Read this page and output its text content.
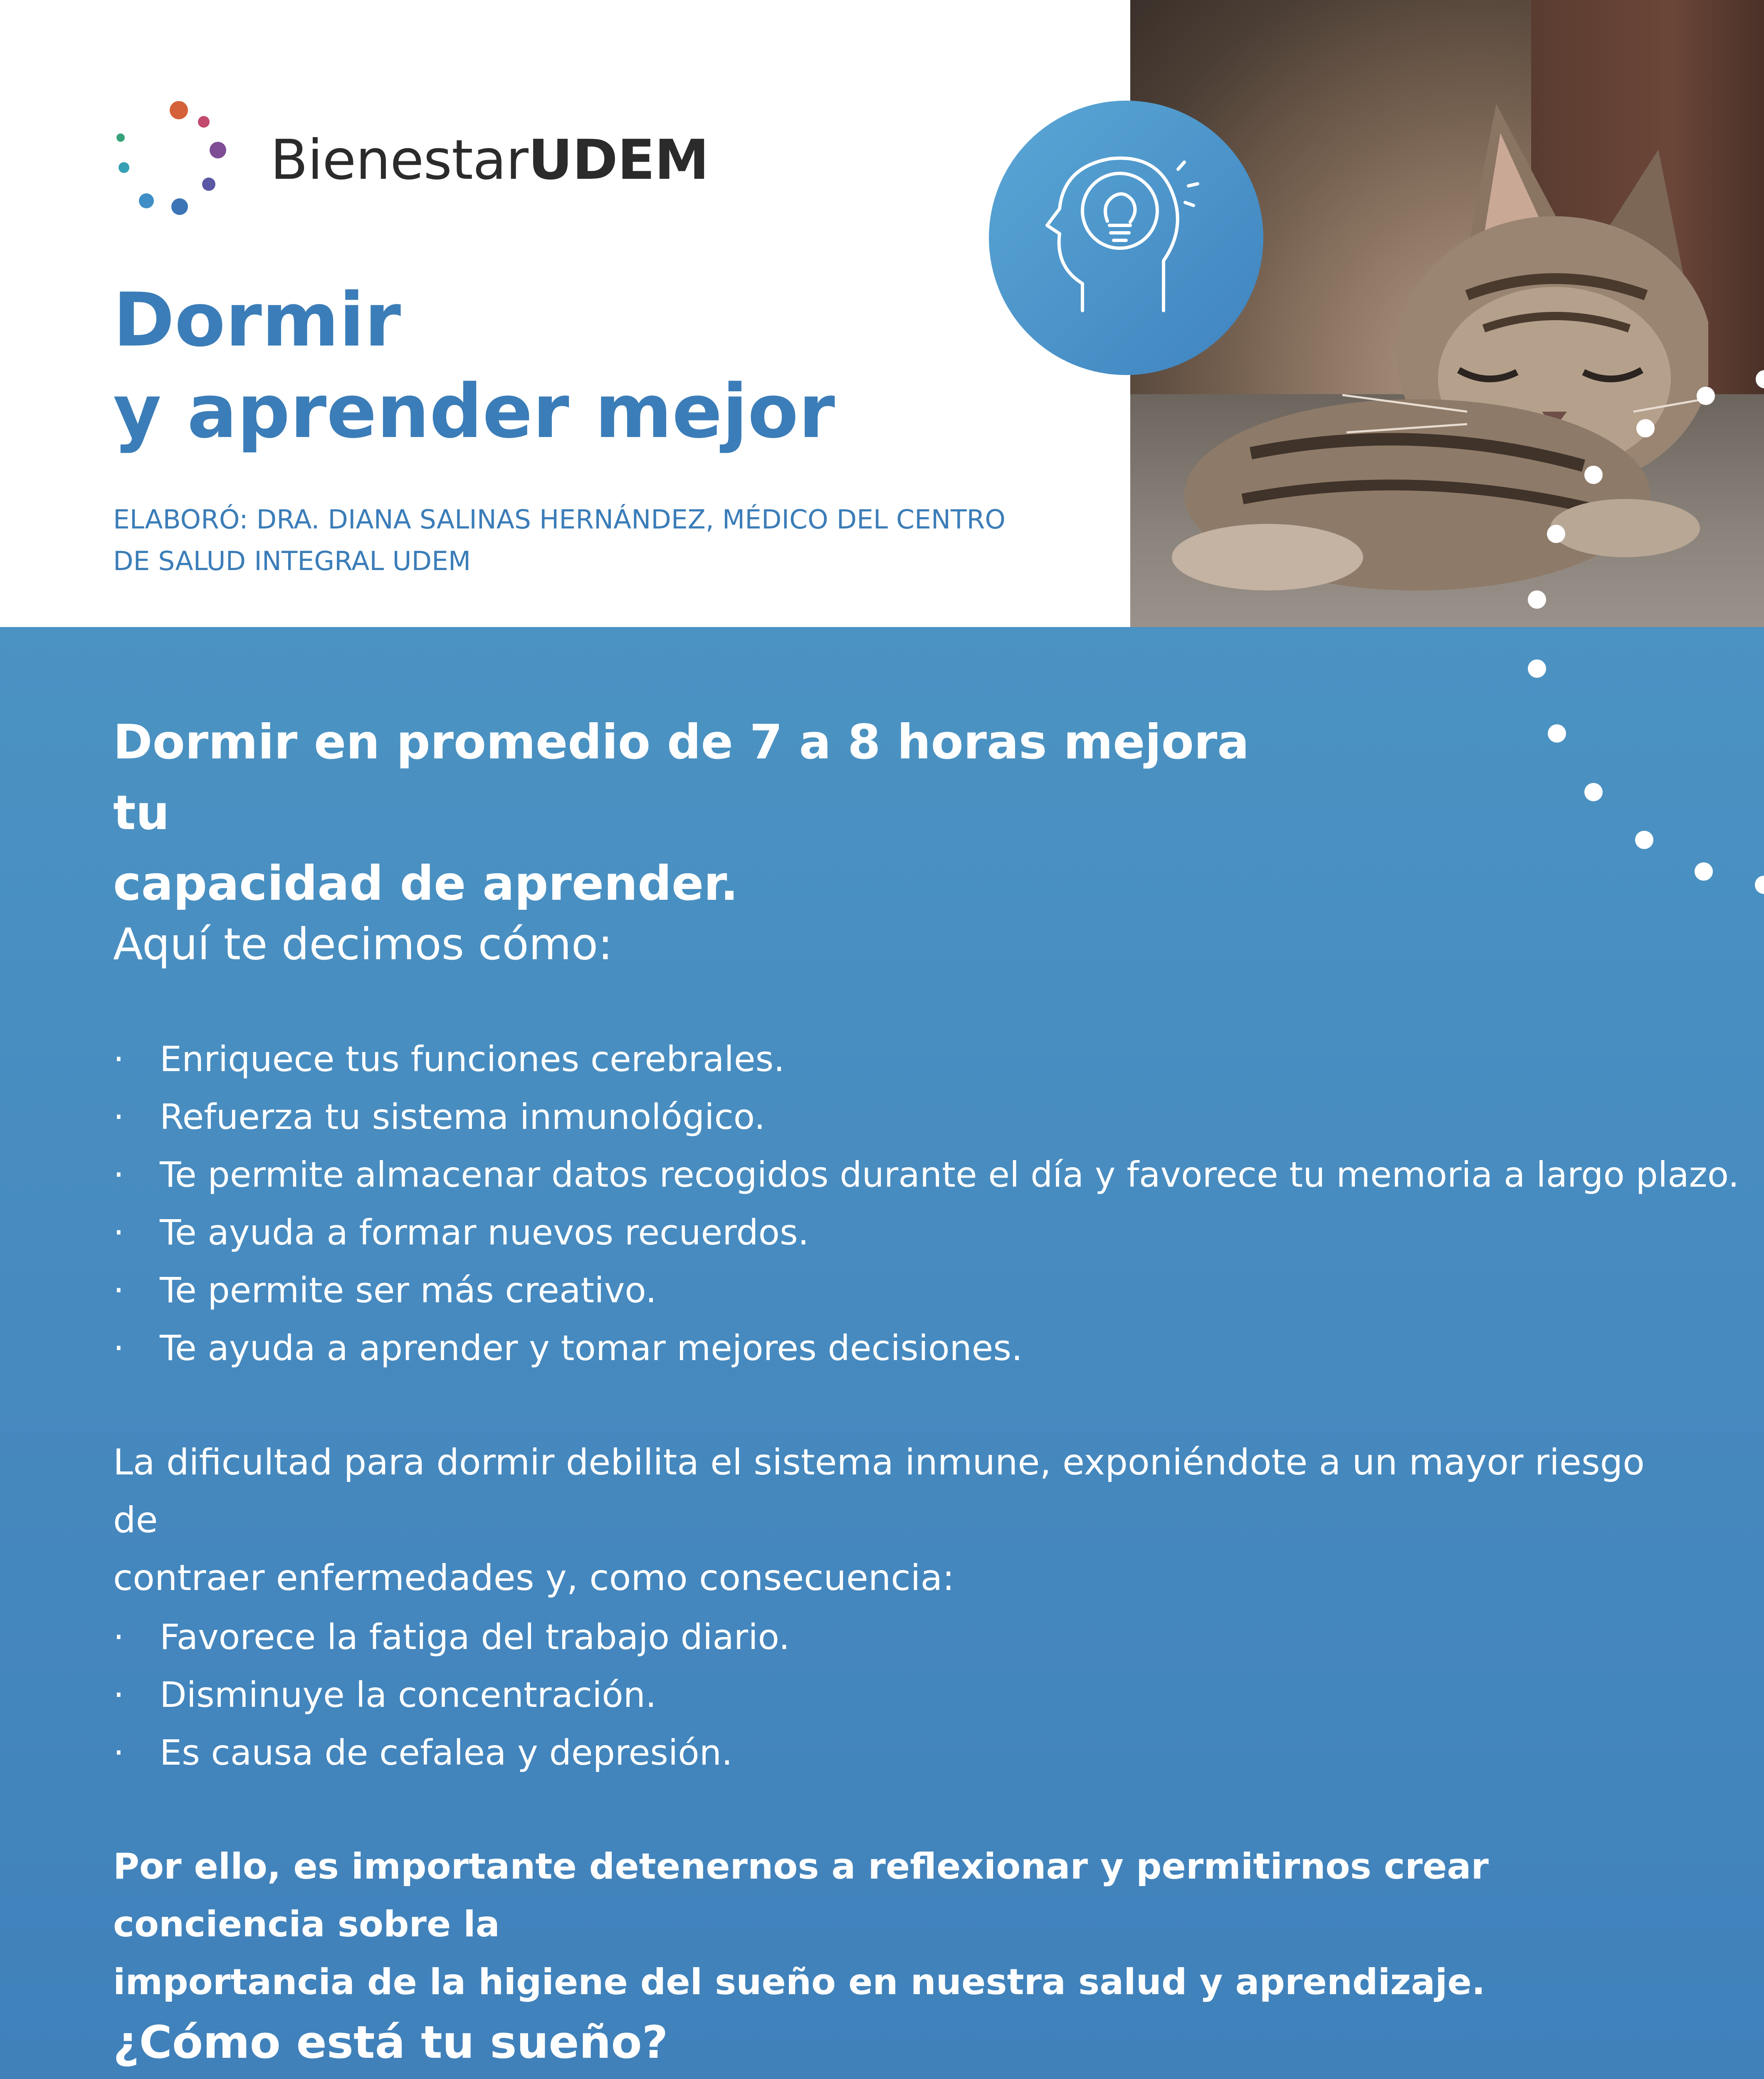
BienestarUDEM
Dormir
y aprender mejor
ELABORÓ: DRA. DIANA SALINAS HERNÁNDEZ, MÉDICO DEL CENTRO
DE SALUD INTEGRAL UDEM
Dormir en promedio de 7 a 8 horas mejora tu
capacidad de aprender.
Aquí te decimos cómo:
· Enriquece tus funciones cerebrales.
· Refuerza tu sistema inmunológico.
· Te permite almacenar datos recogidos durante el día y favorece tu memoria a largo plazo.
· Te ayuda a formar nuevos recuerdos.
· Te permite ser más creativo.
· Te ayuda a aprender y tomar mejores decisiones.
La dificultad para dormir debilita el sistema inmune, exponiéndote a un mayor riesgo de
contraer enfermedades y, como consecuencia:
· Favorece la fatiga del trabajo diario.
· Disminuye la concentración.
· Es causa de cefalea y depresión.
Por ello, es importante detenernos a reflexionar y permitirnos crear conciencia sobre la
importancia de la higiene del sueño en nuestra salud y aprendizaje.
¿Cómo está tu sueño?
